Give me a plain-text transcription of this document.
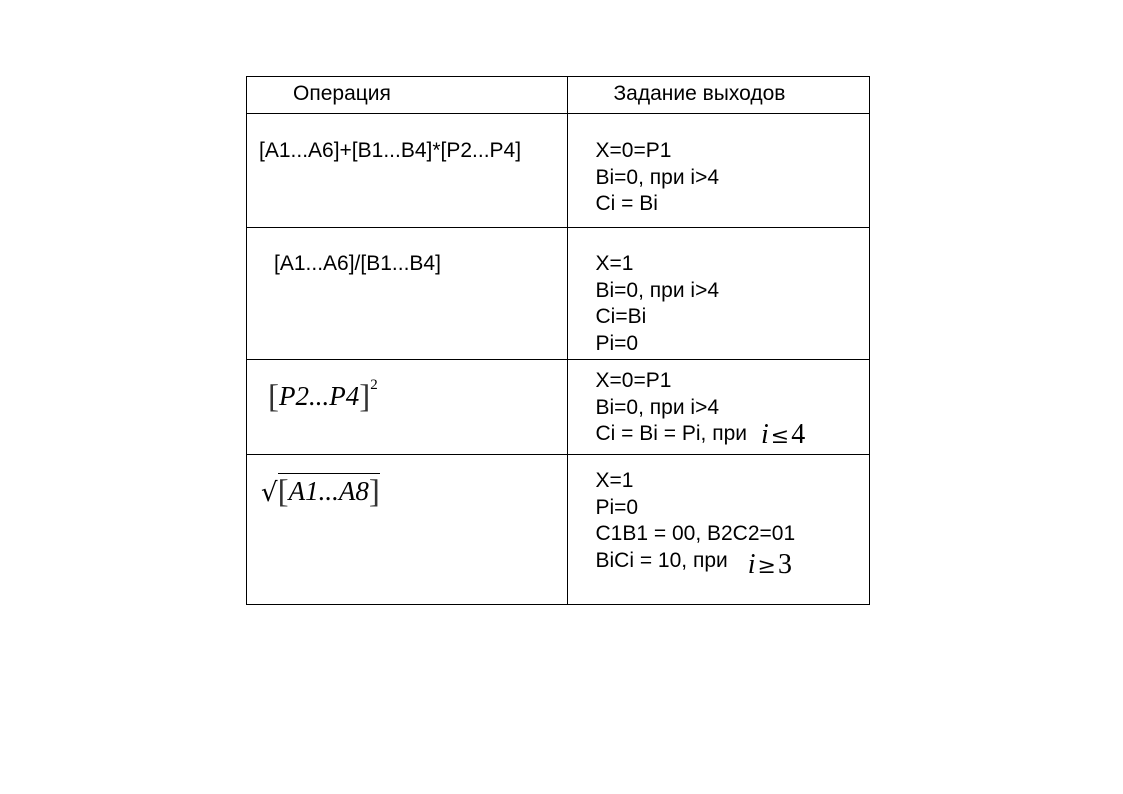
Операция	Задание выходов

[A1...A6]+[B1...B4]*[P2...P4]	X=0=P1
Bi=0, при i>4
Ci = Bi

[A1...A6]/[B1...B4]	X=1
Bi=0, при i>4
Ci=Bi
Pi=0

$[P2...P4]^2$	X=0=P1
Bi=0, при i>4
Ci = Bi = Pi, при i≤4

√[A1...A8]	X=1
Pi=0
C1B1 = 00, B2C2=01
BiCi = 10, при i≥3
